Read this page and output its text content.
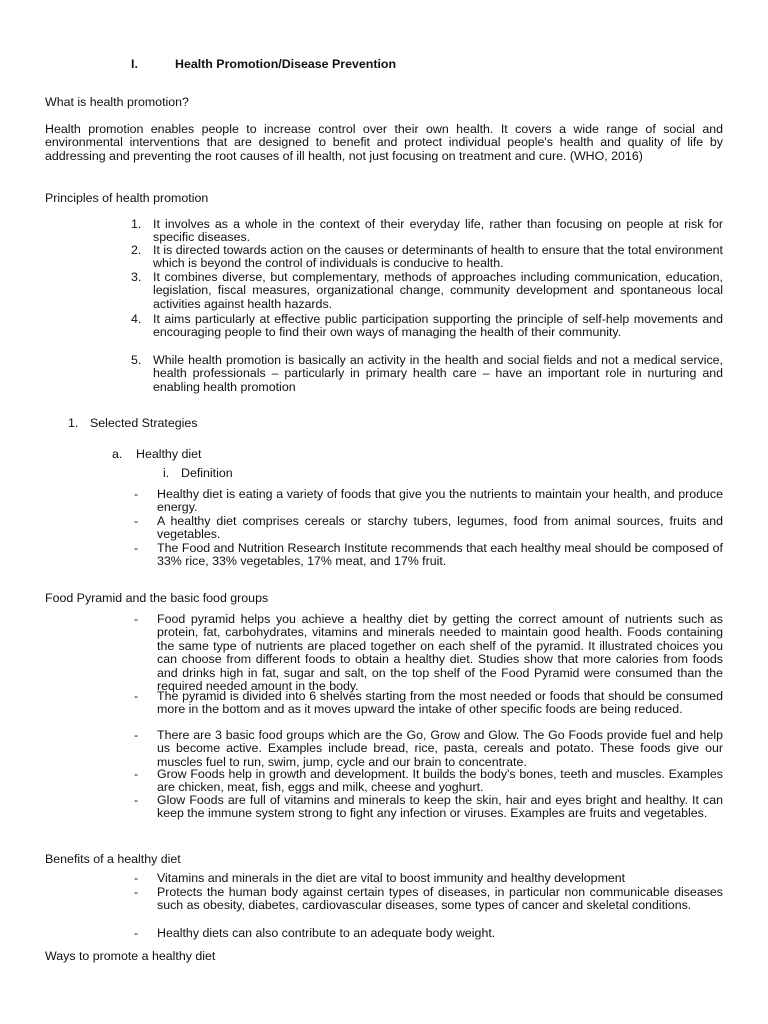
I.	Health Promotion/Disease Prevention
What is health promotion?
Health promotion enables people to increase control over their own health. It covers a wide range of social and environmental interventions that are designed to benefit and protect individual people's health and quality of life by addressing and preventing the root causes of ill health, not just focusing on treatment and cure. (WHO, 2016)
Principles of health promotion
1. It involves as a whole in the context of their everyday life, rather than focusing on people at risk for specific diseases.
2. It is directed towards action on the causes or determinants of health to ensure that the total environment which is beyond the control of individuals is conducive to health.
3. It combines diverse, but complementary, methods of approaches including communication, education, legislation, fiscal measures, organizational change, community development and spontaneous local activities against health hazards.
4. It aims particularly at effective public participation supporting the principle of self-help movements and encouraging people to find their own ways of managing the health of their community.
5. While health promotion is basically an activity in the health and social fields and not a medical service, health professionals – particularly in primary health care – have an important role in nurturing and enabling health promotion
1. Selected Strategies
a. Healthy diet
i. Definition
- Healthy diet is eating a variety of foods that give you the nutrients to maintain your health, and produce energy.
- A healthy diet comprises cereals or starchy tubers, legumes, food from animal sources, fruits and vegetables.
- The Food and Nutrition Research Institute recommends that each healthy meal should be composed of 33% rice, 33% vegetables, 17% meat, and 17% fruit.
Food Pyramid and the basic food groups
- Food pyramid helps you achieve a healthy diet by getting the correct amount of nutrients such as protein, fat, carbohydrates, vitamins and minerals needed to maintain good health. Foods containing the same type of nutrients are placed together on each shelf of the pyramid. It illustrated choices you can choose from different foods to obtain a healthy diet. Studies show that more calories from foods and drinks high in fat, sugar and salt, on the top shelf of the Food Pyramid were consumed than the required needed amount in the body.
- The pyramid is divided into 6 shelves starting from the most needed or foods that should be consumed more in the bottom and as it moves upward the intake of other specific foods are being reduced.
- There are 3 basic food groups which are the Go, Grow and Glow. The Go Foods provide fuel and help us become active. Examples include bread, rice, pasta, cereals and potato. These foods give our muscles fuel to run, swim, jump, cycle and our brain to concentrate.
- Grow Foods help in growth and development. It builds the body's bones, teeth and muscles. Examples are chicken, meat, fish, eggs and milk, cheese and yoghurt.
- Glow Foods are full of vitamins and minerals to keep the skin, hair and eyes bright and healthy. It can keep the immune system strong to fight any infection or viruses. Examples are fruits and vegetables.
Benefits of a healthy diet
- Vitamins and minerals in the diet are vital to boost immunity and healthy development
- Protects the human body against certain types of diseases, in particular non communicable diseases such as obesity, diabetes, cardiovascular diseases, some types of cancer and skeletal conditions.
- Healthy diets can also contribute to an adequate body weight.
Ways to promote a healthy diet
